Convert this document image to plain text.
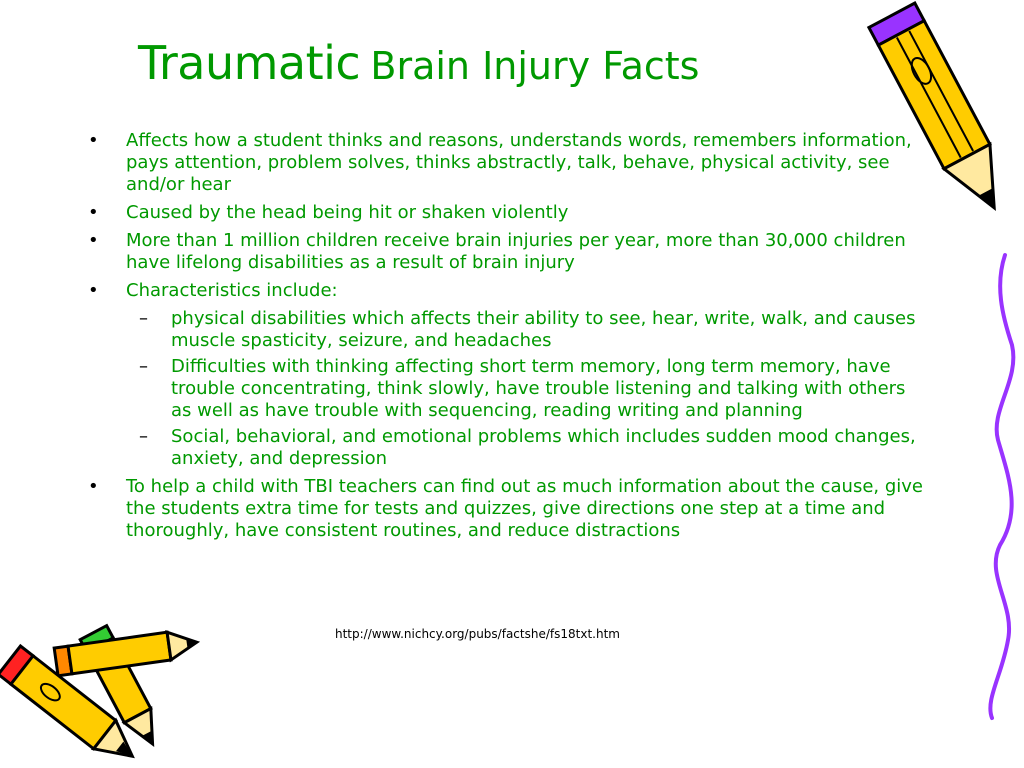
Traumatic Brain Injury Facts
• Affects how a student thinks and reasons, understands words, remembers information, pays attention, problem solves, thinks abstractly, talk, behave, physical activity, see and/or hear
• Caused by the head being hit or shaken violently
• More than 1 million children receive brain injuries per year, more than 30,000 children have lifelong disabilities as a result of brain injury
• Characteristics include:
– physical disabilities which affects their ability to see, hear, write, walk, and causes muscle spasticity, seizure, and headaches
– Difficulties with thinking affecting short term memory, long term memory, have trouble concentrating, think slowly, have trouble listening and talking with others as well as have trouble with sequencing, reading writing and planning
– Social, behavioral, and emotional problems which includes sudden mood changes, anxiety, and depression
• To help a child with TBI teachers can find out as much information about the cause, give the students extra time for tests and quizzes, give directions one step at a time and thoroughly, have consistent routines, and reduce distractions
http://www.nichcy.org/pubs/factshe/fs18txt.htm
